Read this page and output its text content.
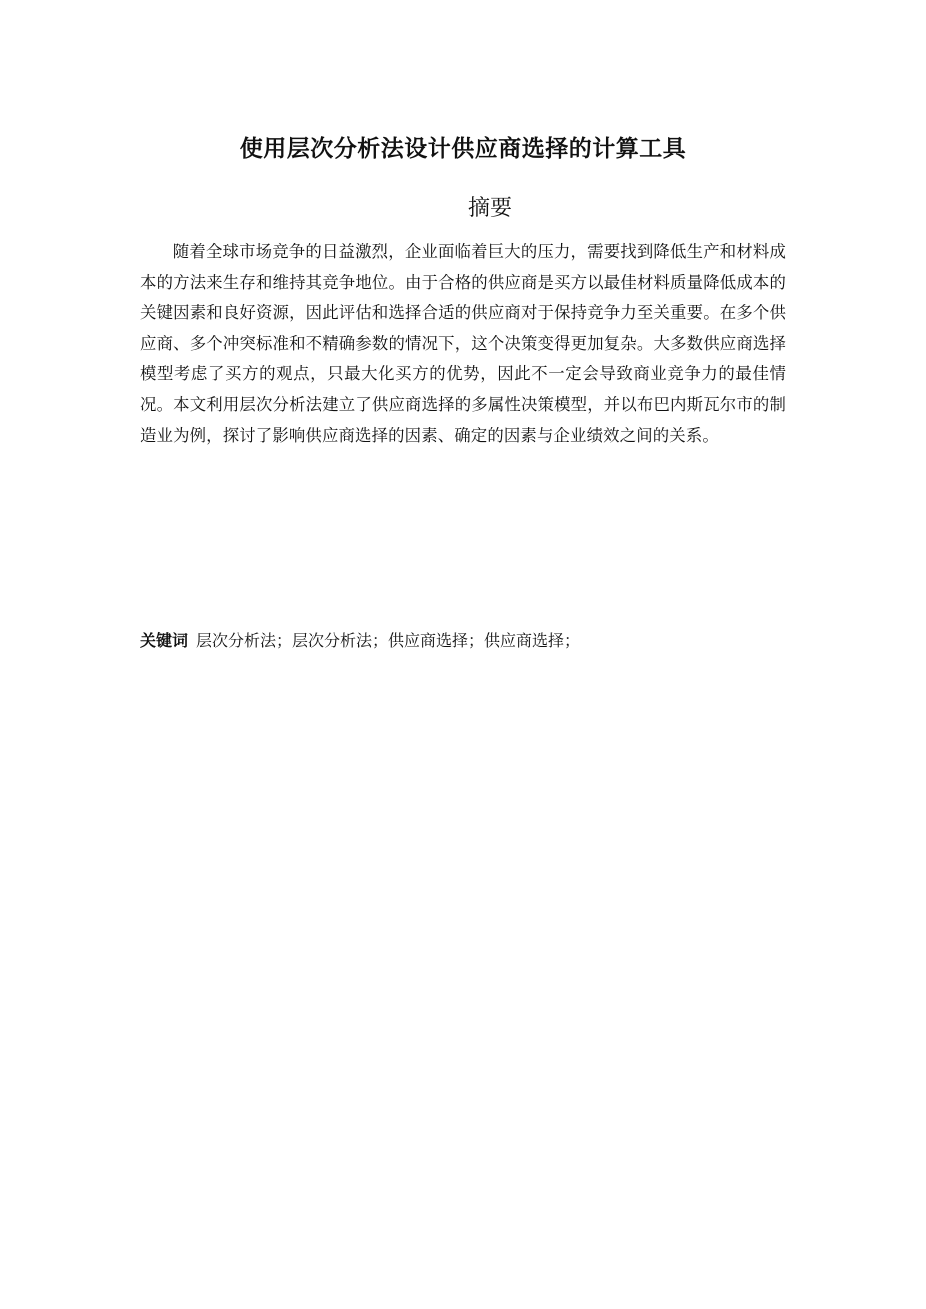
使用层次分析法设计供应商选择的计算工具
摘要

随着全球市场竞争的日益激烈，企业面临着巨大的压力，需要找到降低生产和材料成本的方法来生存和维持其竞争地位。由于合格的供应商是买方以最佳材料质量降低成本的关键因素和良好资源，因此评估和选择合适的供应商对于保持竞争力至关重要。在多个供应商、多个冲突标准和不精确参数的情况下，这个决策变得更加复杂。大多数供应商选择模型考虑了买方的观点，只最大化买方的优势，因此不一定会导致商业竞争力的最佳情况。本文利用层次分析法建立了供应商选择的多属性决策模型，并以布巴内斯瓦尔市的制造业为例，探讨了影响供应商选择的因素、确定的因素与企业绩效之间的关系。

关键词 层次分析法；层次分析法；供应商选择；供应商选择；
